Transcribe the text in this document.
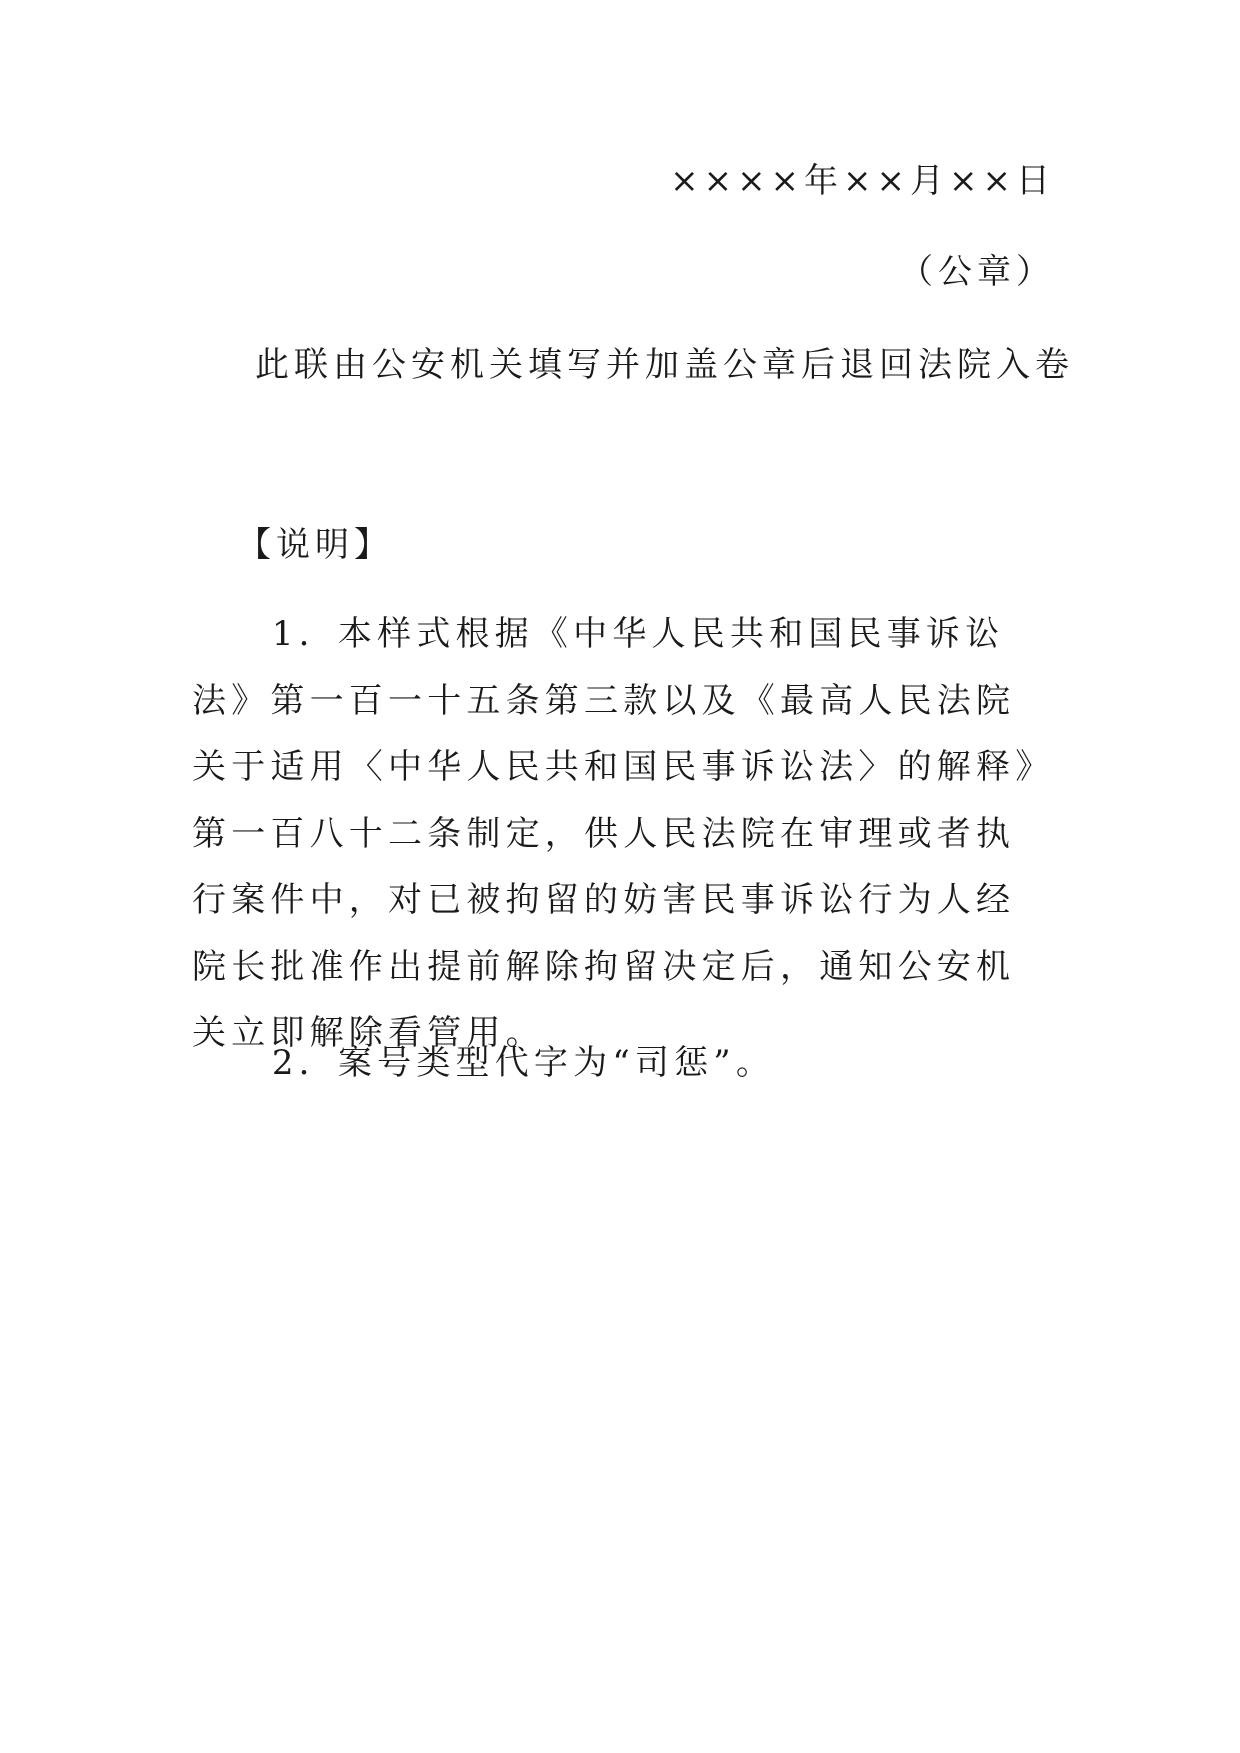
××××年××月××日
（公章）
此联由公安机关填写并加盖公章后退回法院入卷
【说明】

1．本样式根据《中华人民共和国民事诉讼法》第一百一十五条第三款以及《最高人民法院关于适用〈中华人民共和国民事诉讼法〉的解释》第一百八十二条制定，供人民法院在审理或者执行案件中，对已被拘留的妨害民事诉讼行为人经院长批准作出提前解除拘留决定后，通知公安机关立即解除看管用。

2．案号类型代字为“司惩”。
